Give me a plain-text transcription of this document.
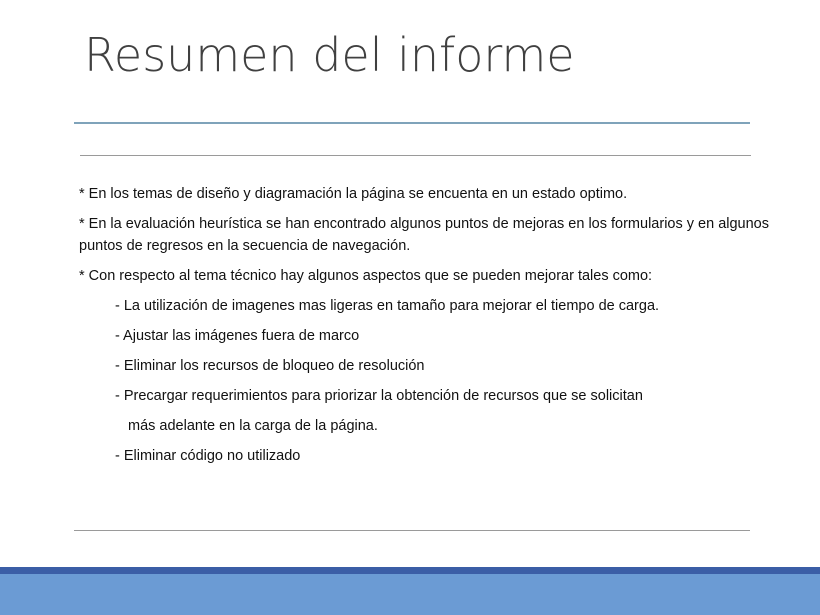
Resumen del informe
* En los temas de diseño y diagramación la página se encuenta en un estado optimo.
* En la evaluación heurística se han encontrado algunos puntos de mejoras en los formularios y en algunos puntos de regresos en la secuencia de navegación.
* Con respecto al tema técnico hay algunos aspectos que se pueden mejorar tales como:
- La utilización de imagenes mas ligeras en tamaño para mejorar el tiempo de carga.
- Ajustar las imágenes fuera de marco
- Eliminar los recursos de bloqueo de resolución
- Precargar requerimientos para priorizar la obtención de recursos que se solicitan
más adelante en la carga de la página.
- Eliminar código no utilizado
